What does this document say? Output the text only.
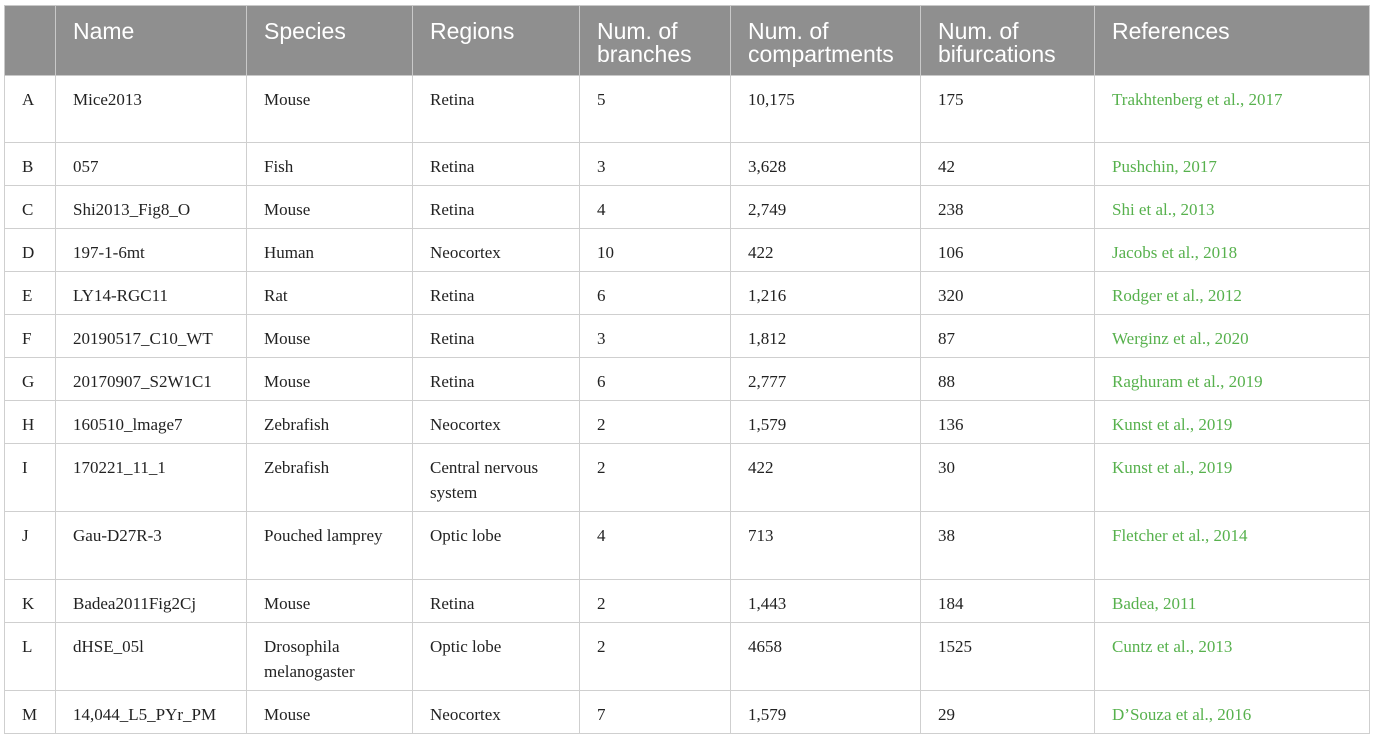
	Name	Species	Regions	Num. of branches	Num. of compartments	Num. of bifurcations	References
A	Mice2013	Mouse	Retina	5	10,175	175	Trakhtenberg et al., 2017
B	057	Fish	Retina	3	3,628	42	Pushchin, 2017
C	Shi2013_Fig8_O	Mouse	Retina	4	2,749	238	Shi et al., 2013
D	197-1-6mt	Human	Neocortex	10	422	106	Jacobs et al., 2018
E	LY14-RGC11	Rat	Retina	6	1,216	320	Rodger et al., 2012
F	20190517_C10_WT	Mouse	Retina	3	1,812	87	Werginz et al., 2020
G	20170907_S2W1C1	Mouse	Retina	6	2,777	88	Raghuram et al., 2019
H	160510_lmage7	Zebrafish	Neocortex	2	1,579	136	Kunst et al., 2019
I	170221_11_1	Zebrafish	Central nervous system	2	422	30	Kunst et al., 2019
J	Gau-D27R-3	Pouched lamprey	Optic lobe	4	713	38	Fletcher et al., 2014
K	Badea2011Fig2Cj	Mouse	Retina	2	1,443	184	Badea, 2011
L	dHSE_05l	Drosophila melanogaster	Optic lobe	2	4658	1525	Cuntz et al., 2013
M	14,044_L5_PYr_PM	Mouse	Neocortex	7	1,579	29	D’Souza et al., 2016
